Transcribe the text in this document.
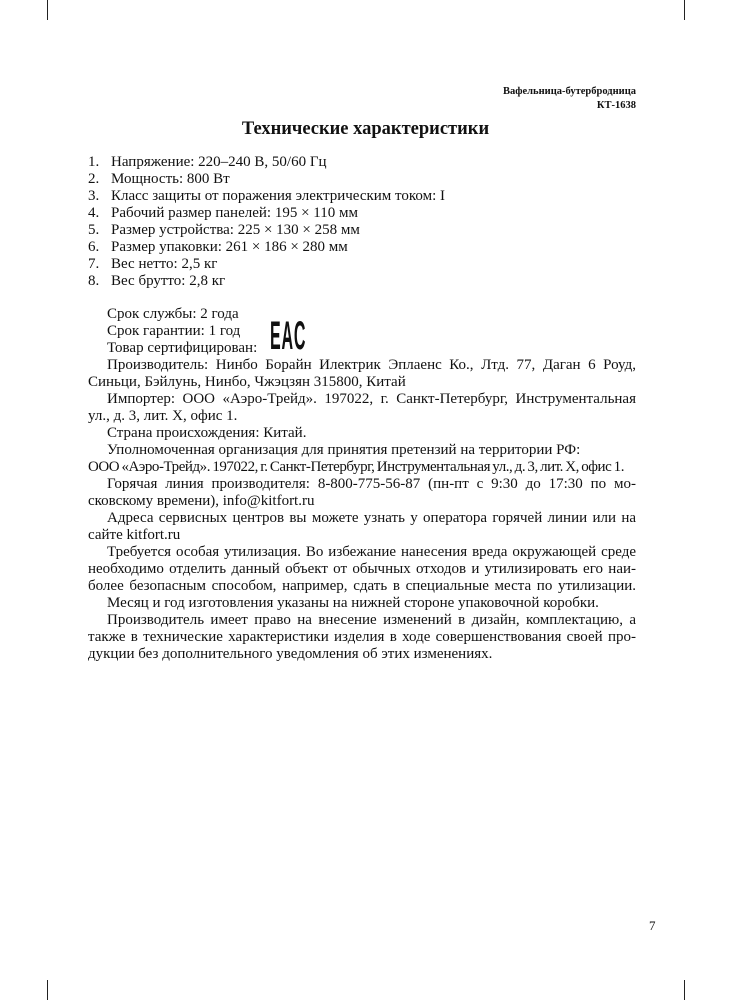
Вафельница-бутербродница
КТ-1638
Технические характеристики
1. Напряжение: 220–240 В, 50/60 Гц
2. Мощность: 800 Вт
3. Класс защиты от поражения электрическим током: I
4. Рабочий размер панелей: 195 × 110 мм
5. Размер устройства: 225 × 130 × 258 мм
6. Размер упаковки: 261 × 186 × 280 мм
7. Вес нетто: 2,5 кг
8. Вес брутто: 2,8 кг
Срок службы: 2 года
Срок гарантии: 1 год
Товар сертифицирован:
Производитель: Нинбо Борайн Илектрик Эплаенс Ко., Лтд. 77, Даган 6 Роуд,
Синьци, Бэйлунь, Нинбо, Чжэцзян 315800, Китай
Импортер: ООО «Аэро-Трейд». 197022, г. Санкт-Петербург, Инструментальная
ул., д. 3, лит. Х, офис 1.
Страна происхождения: Китай.
Уполномоченная организация для принятия претензий на территории РФ:
ООО «Аэро-Трейд». 197022, г. Санкт-Петербург, Инструментальная ул., д. 3, лит. Х, офис 1.
Горячая линия производителя: 8-800-775-56-87 (пн-пт с 9:30 до 17:30 по мо-
сковскому времени), info@kitfort.ru
Адреса сервисных центров вы можете узнать у оператора горячей линии или на
сайте kitfort.ru
Требуется особая утилизация. Во избежание нанесения вреда окружающей среде
необходимо отделить данный объект от обычных отходов и утилизировать его наи-
более безопасным способом, например, сдать в специальные места по утилизации.
Месяц и год изготовления указаны на нижней стороне упаковочной коробки.
Производитель имеет право на внесение изменений в дизайн, комплектацию, а
также в технические характеристики изделия в ходе совершенствования своей про-
дукции без дополнительного уведомления об этих изменениях.
EAC
7
